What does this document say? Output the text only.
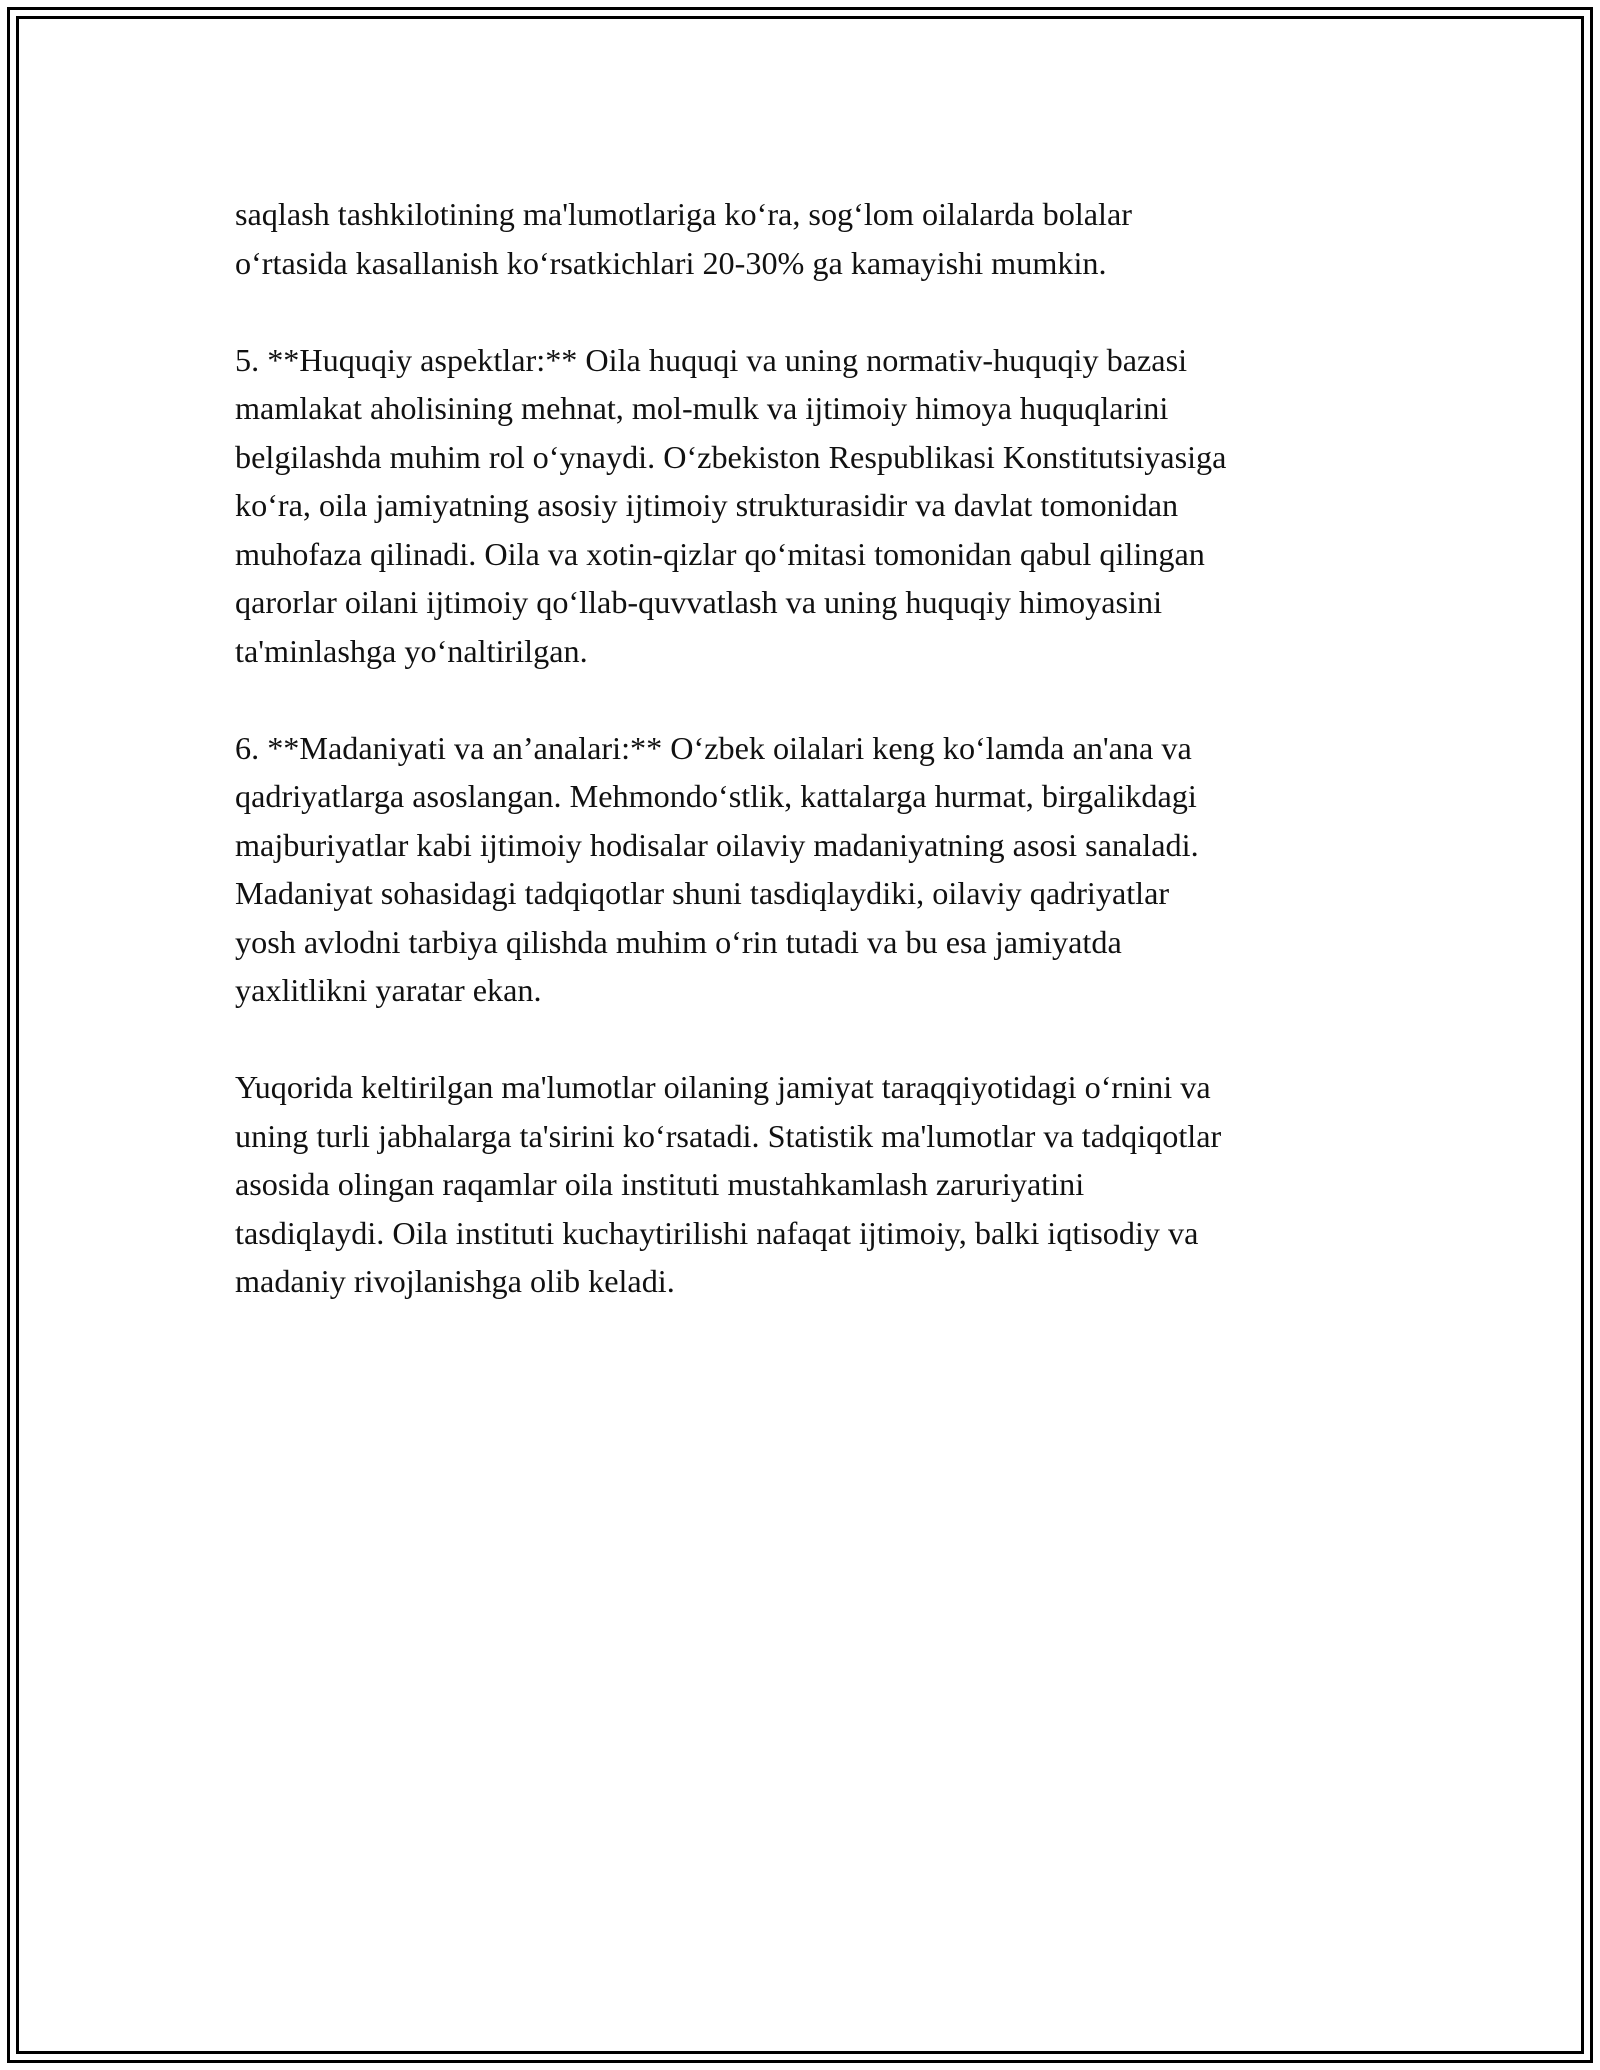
saqlash tashkilotining ma'lumotlariga koʻra, sogʻlom oilalarda bolalar
oʻrtasida kasallanish koʻrsatkichlari 20-30% ga kamayishi mumkin.

5. **Huquqiy aspektlar:** Oila huquqi va uning normativ-huquqiy bazasi
mamlakat aholisining mehnat, mol-mulk va ijtimoiy himoya huquqlarini
belgilashda muhim rol oʻynaydi. Oʻzbekiston Respublikasi Konstitutsiyasiga
koʻra, oila jamiyatning asosiy ijtimoiy strukturasidir va davlat tomonidan
muhofaza qilinadi. Oila va xotin-qizlar qoʻmitasi tomonidan qabul qilingan
qarorlar oilani ijtimoiy qoʻllab-quvvatlash va uning huquqiy himoyasini
ta'minlashga yoʻnaltirilgan.

6. **Madaniyati va an’analari:** Oʻzbek oilalari keng koʻlamda an'ana va
qadriyatlarga asoslangan. Mehmondoʻstlik, kattalarga hurmat, birgalikdagi
majburiyatlar kabi ijtimoiy hodisalar oilaviy madaniyatning asosi sanaladi.
Madaniyat sohasidagi tadqiqotlar shuni tasdiqlaydiki, oilaviy qadriyatlar
yosh avlodni tarbiya qilishda muhim oʻrin tutadi va bu esa jamiyatda
yaxlitlikni yaratar ekan.

Yuqorida keltirilgan ma'lumotlar oilaning jamiyat taraqqiyotidagi oʻrnini va
uning turli jabhalarga ta'sirini koʻrsatadi. Statistik ma'lumotlar va tadqiqotlar
asosida olingan raqamlar oila instituti mustahkamlash zaruriyatini
tasdiqlaydi. Oila instituti kuchaytirilishi nafaqat ijtimoiy, balki iqtisodiy va
madaniy rivojlanishga olib keladi.
